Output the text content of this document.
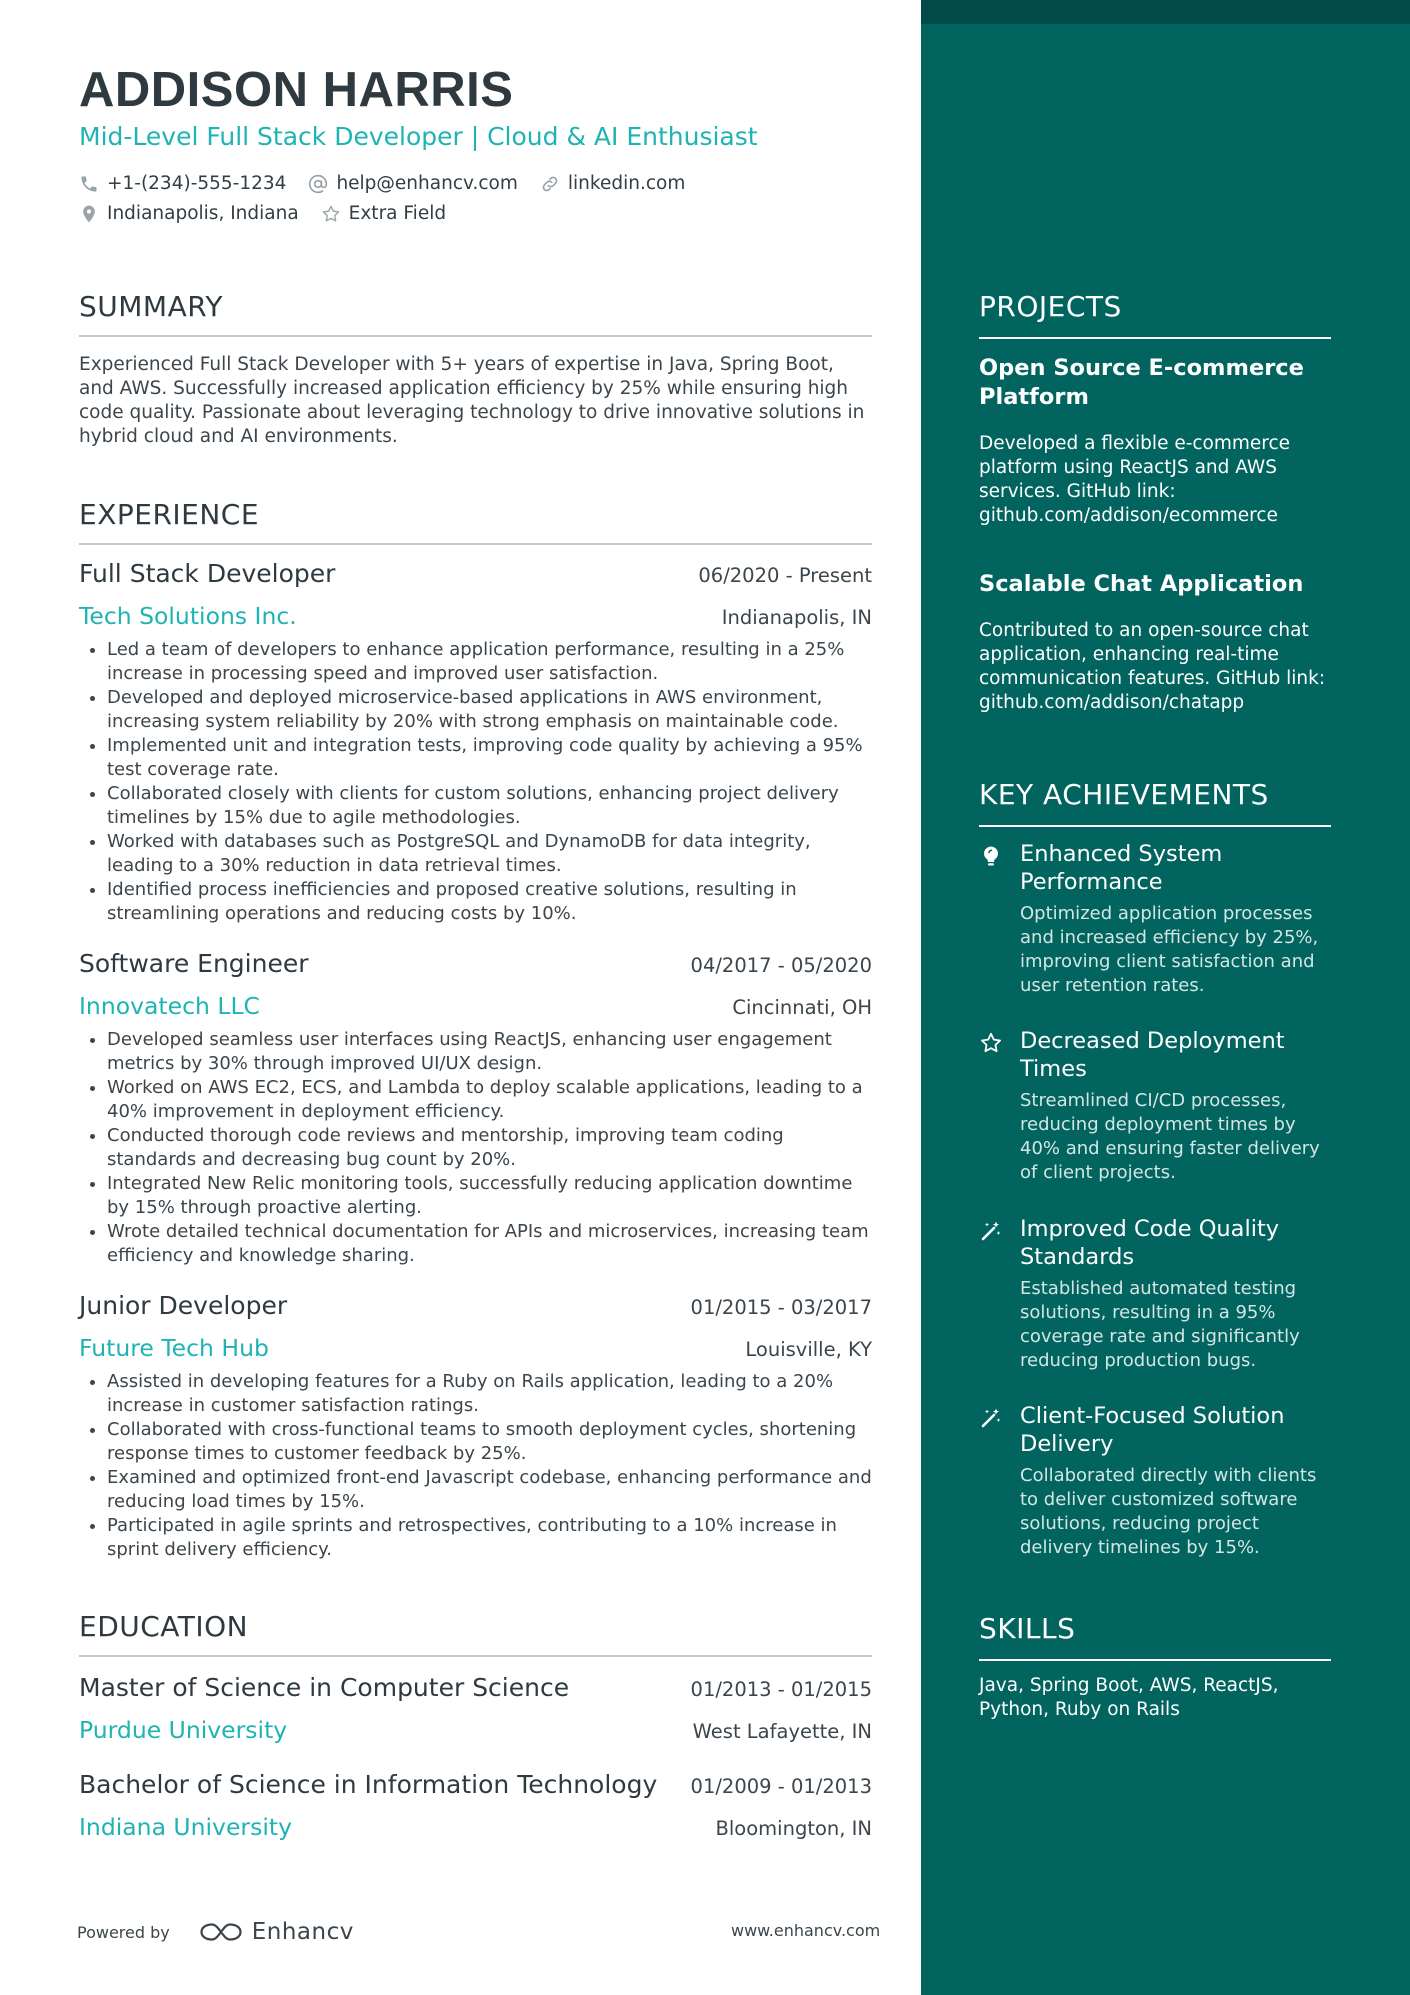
ADDISON HARRIS
Mid-Level Full Stack Developer | Cloud & AI Enthusiast
+1-(234)-555-1234	help@enhancv.com	linkedin.com
Indianapolis, Indiana	Extra Field
SUMMARY

Experienced Full Stack Developer with 5+ years of expertise in Java, Spring Boot, and AWS. Successfully increased application efficiency by 25% while ensuring high code quality. Passionate about leveraging technology to drive innovative solutions in hybrid cloud and AI environments.

EXPERIENCE
Full Stack Developer	06/2020 - Present
Tech Solutions Inc.	Indianapolis, IN
• Led a team of developers to enhance application performance, resulting in a 25% increase in processing speed and improved user satisfaction.
• Developed and deployed microservice-based applications in AWS environment, increasing system reliability by 20% with strong emphasis on maintainable code.
• Implemented unit and integration tests, improving code quality by achieving a 95% test coverage rate.
• Collaborated closely with clients for custom solutions, enhancing project delivery timelines by 15% due to agile methodologies.
• Worked with databases such as PostgreSQL and DynamoDB for data integrity, leading to a 30% reduction in data retrieval times.
• Identified process inefficiencies and proposed creative solutions, resulting in streamlining operations and reducing costs by 10%.
Software Engineer	04/2017 - 05/2020
Innovatech LLC	Cincinnati, OH
• Developed seamless user interfaces using ReactJS, enhancing user engagement metrics by 30% through improved UI/UX design.
• Worked on AWS EC2, ECS, and Lambda to deploy scalable applications, leading to a 40% improvement in deployment efficiency.
• Conducted thorough code reviews and mentorship, improving team coding standards and decreasing bug count by 20%.
• Integrated New Relic monitoring tools, successfully reducing application downtime by 15% through proactive alerting.
• Wrote detailed technical documentation for APIs and microservices, increasing team efficiency and knowledge sharing.
Junior Developer	01/2015 - 03/2017
Future Tech Hub	Louisville, KY
• Assisted in developing features for a Ruby on Rails application, leading to a 20% increase in customer satisfaction ratings.
• Collaborated with cross-functional teams to smooth deployment cycles, shortening response times to customer feedback by 25%.
• Examined and optimized front-end Javascript codebase, enhancing performance and reducing load times by 15%.
• Participated in agile sprints and retrospectives, contributing to a 10% increase in sprint delivery efficiency.
EDUCATION
Master of Science in Computer Science	01/2013 - 01/2015
Purdue University	West Lafayette, IN
Bachelor of Science in Information Technology 01/2009 - 01/2013
Indiana University	Bloomington, IN
PROJECTS

Open Source E-commerce Platform

Developed a flexible e-commerce platform using ReactJS and AWS services. GitHub link: github.com/addison/ecommerce

Scalable Chat Application

Contributed to an open-source chat application, enhancing real-time communication features. GitHub link: github.com/addison/chatapp

KEY ACHIEVEMENTS

Enhanced System Performance

Optimized application processes and increased efficiency by 25%, improving client satisfaction and user retention rates.

Decreased Deployment Times

Streamlined CI/CD processes, reducing deployment times by 40% and ensuring faster delivery of client projects.

Improved Code Quality Standards

Established automated testing solutions, resulting in a 95% coverage rate and significantly reducing production bugs.

Client-Focused Solution Delivery

Collaborated directly with clients to deliver customized software solutions, reducing project delivery timelines by 15%.

SKILLS

Java, Spring Boot, AWS, ReactJS, Python, Ruby on Rails

Powered by	Enhancv	www.enhancv.com
